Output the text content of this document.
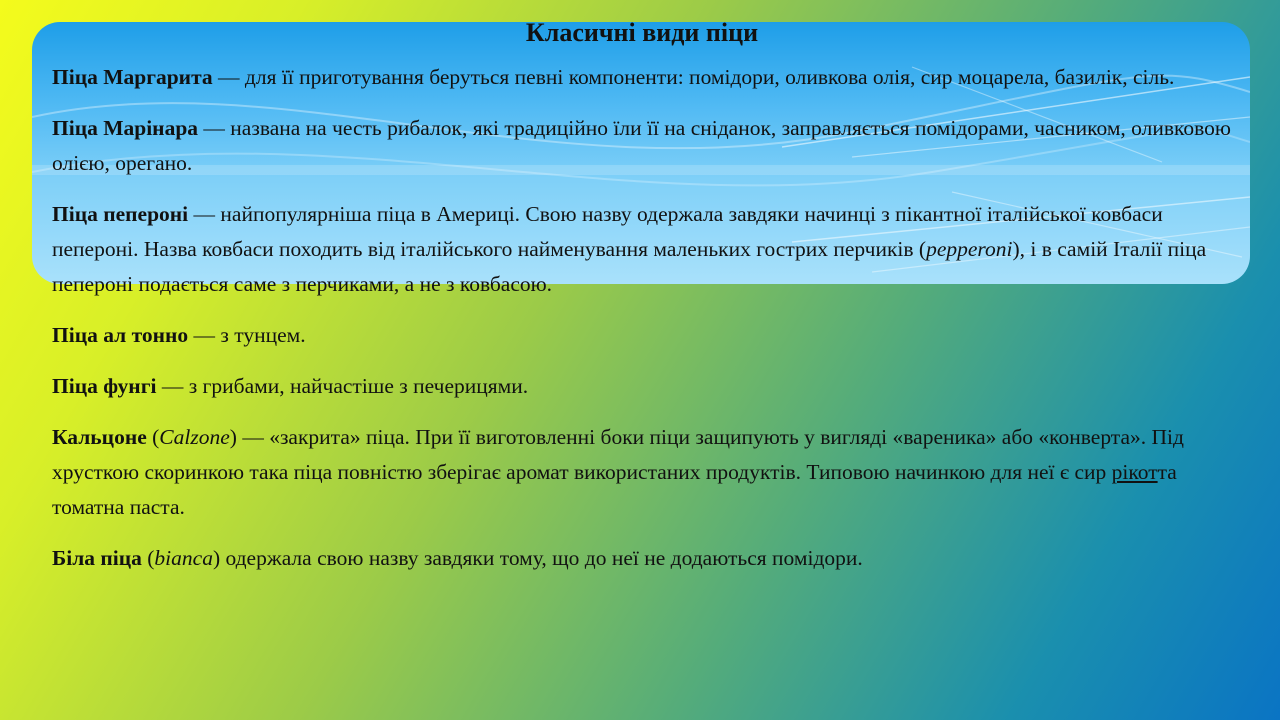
Класичні види піци

Піца Маргарита — для її приготування беруться певні компоненти: помідори, оливкова олія, сир моцарела, базилік, сіль.

Піца Марінара — названа на честь рибалок, які традиційно їли її на сніданок, заправляється помідорами, часником, оливковою олією, орегано.

Піца пепероні — найпопулярніша піца в Америці. Свою назву одержала завдяки начинці з пікантної італійської ковбаси пепероні. Назва ковбаси походить від італійського найменування маленьких гострих перчиків (pepperoni), і в самій Італії піца пепероні подається саме з перчиками, а не з ковбасою.

Піца ал тонно — з тунцем.

Піца фунгі — з грибами, найчастіше з печерицями.

Кальцоне (Calzone) — «закрита» піца. При її виготовленні боки піци защипують у вигляді «вареника» або «конверта». Під хрусткою скоринкою така піца повністю зберігає аромат використаних продуктів. Типовою начинкою для неї є сир рікотта томатна паста.

Біла піца (bianca) одержала свою назву завдяки тому, що до неї не додаються помідори.
